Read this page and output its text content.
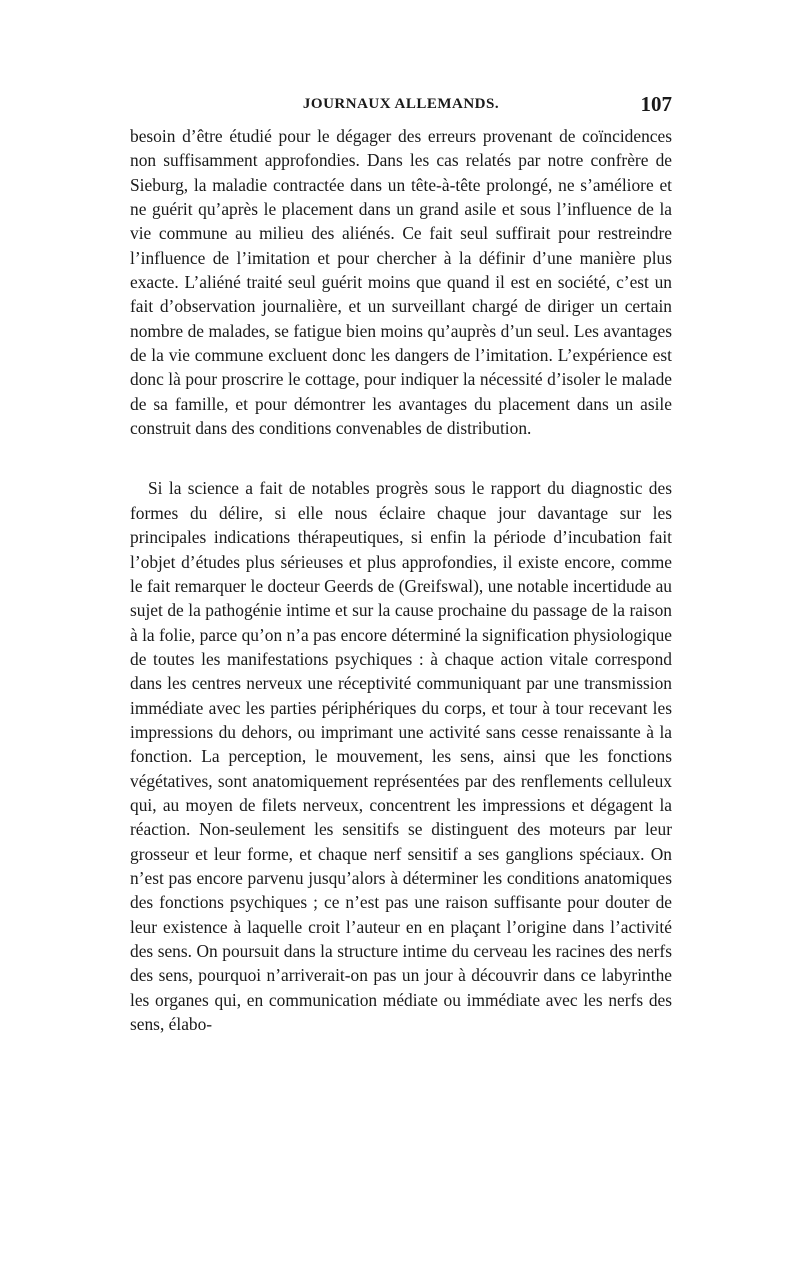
JOURNAUX ALLEMANDS.	107

besoin d’être étudié pour le dégager des erreurs provenant de coïncidences non suffisamment approfondies. Dans les cas relatés par notre confrère de Sieburg, la maladie contractée dans un tête-à-tête prolongé, ne s’améliore et ne guérit qu’après le placement dans un grand asile et sous l’influence de la vie commune au milieu des aliénés. Ce fait seul suffirait pour restreindre l’influence de l’imitation et pour chercher à la définir d’une manière plus exacte. L’aliéné traité seul guérit moins que quand il est en société, c’est un fait d’observation journalière, et un surveillant chargé de diriger un certain nombre de malades, se fatigue bien moins qu’auprès d’un seul. Les avantages de la vie commune excluent donc les dangers de l’imitation. L’expérience est donc là pour proscrire le cottage, pour indiquer la nécessité d’isoler le malade de sa famille, et pour démontrer les avantages du placement dans un asile construit dans des conditions convenables de distribution.

Si la science a fait de notables progrès sous le rapport du diagnostic des formes du délire, si elle nous éclaire chaque jour davantage sur les principales indications thérapeutiques, si enfin la période d’incubation fait l’objet d’études plus sérieuses et plus approfondies, il existe encore, comme le fait remarquer le docteur Geerds de (Greifswal), une notable incertidude au sujet de la pathogénie intime et sur la cause prochaine du passage de la raison à la folie, parce qu’on n’a pas encore déterminé la signification physiologique de toutes les manifestations psychiques : à chaque action vitale correspond dans les centres nerveux une réceptivité communiquant par une transmission immédiate avec les parties périphériques du corps, et tour à tour recevant les impressions du dehors, ou imprimant une activité sans cesse renaissante à la fonction. La perception, le mouvement, les sens, ainsi que les fonctions végétatives, sont anatomiquement représentées par des renflements celluleux qui, au moyen de filets nerveux, concentrent les impressions et dégagent la réaction. Non-seulement les sensitifs se distinguent des moteurs par leur grosseur et leur forme, et chaque nerf sensitif a ses ganglions spéciaux. On n’est pas encore parvenu jusqu’alors à déterminer les conditions anatomiques des fonctions psychiques ; ce n’est pas une raison suffisante pour douter de leur existence à laquelle croit l’auteur en en plaçant l’origine dans l’activité des sens. On poursuit dans la structure intime du cerveau les racines des nerfs des sens, pourquoi n’arriverait-on pas un jour à découvrir dans ce labyrinthe les organes qui, en communication médiate ou immédiate avec les nerfs des sens, élabo-
